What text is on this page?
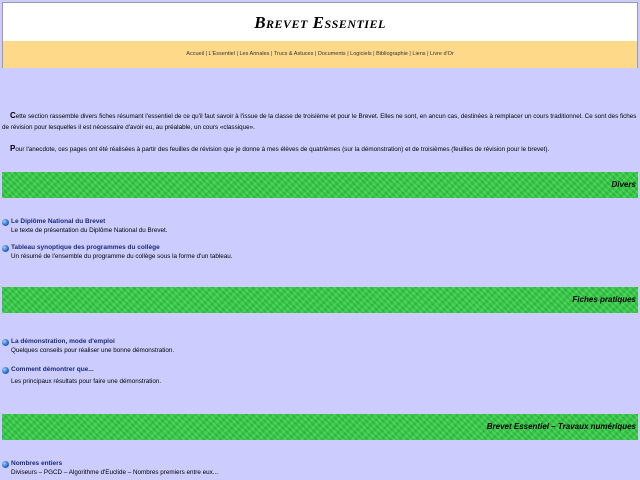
Brevet Essentiel
Accueil | L'Essentiel | Les Annales | Trucs & Astuces | Documents | Logiciels | Bibliographie | Liens | Livre d'Or

Cette section rassemble divers fiches résumant l'essentiel de ce qu'il faut savoir à l'issue de la classe de troisième et pour le Brevet. Elles ne sont, en ancun cas, destinées à remplacer un cours traditionnel. Ce sont des fiches de révision pour lesquelles il est nécessaire d'avoir eu, au préalable, un cours «classique».

Pour l'anecdote, ces pages ont été réalisées à partir des feuilles de révision que je donne à mes élèves de quatrièmes (sur la démonstration) et de troisièmes (feuilles de révision pour le brevet).

Divers
Le Diplôme National du Brevet
Le texte de présentation du Diplôme National du Brevet.
Tableau synoptique des programmes du collège
Un résumé de l'ensemble du programme du collège sous la forme d'un tableau.
Fiches pratiques
La démonstration, mode d'emploi
Quelques conseils pour réaliser une bonne démonstration.
Comment démontrer que...
Les principaux résultats pour faire une démonstration.
Brevet Essentiel – Travaux numériques
Nombres entiers
Diviseurs – PGCD – Algorithme d'Euclide – Nombres premiers entre eux...
